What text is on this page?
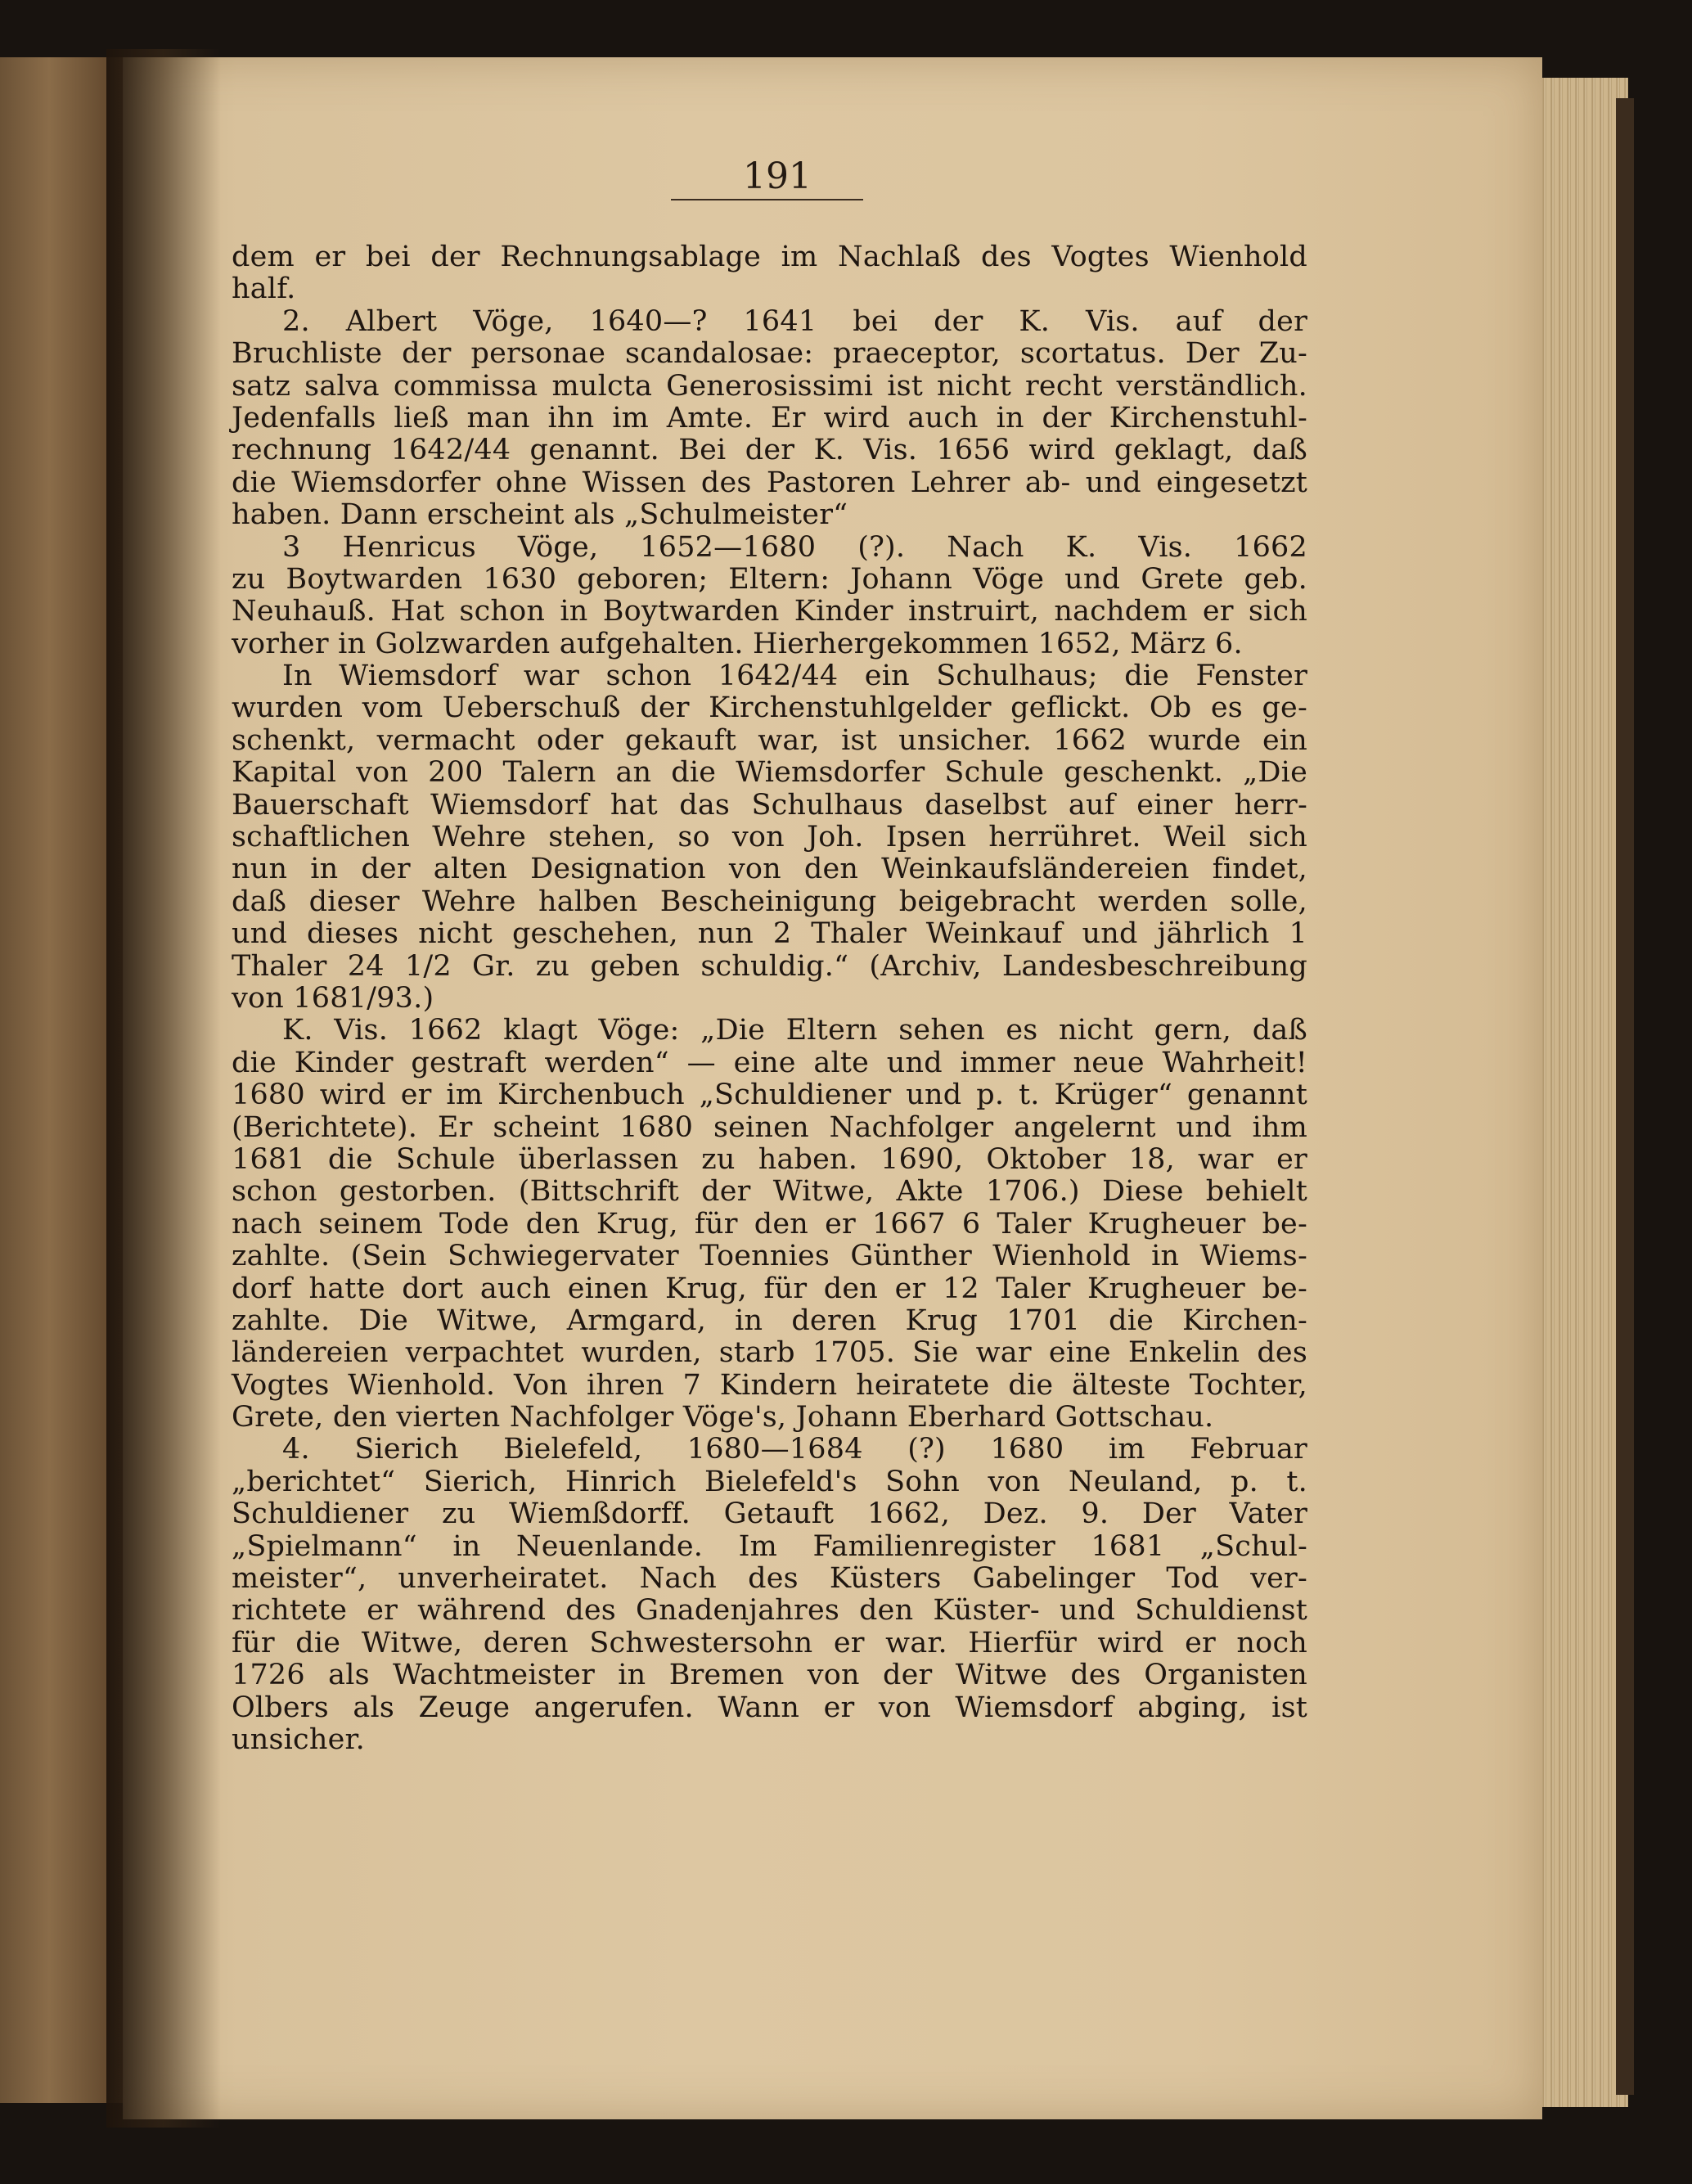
191
dem er bei der Rechnungsablage im Nachlaß des Vogtes Wienhold
half.
2. Albert Vöge, 1640—? 1641 bei der K. Vis. auf der
Bruchliste der personae scandalosae: praeceptor, scortatus. Der Zu-
satz salva commissa mulcta Generosissimi ist nicht recht verständlich.
Jedenfalls ließ man ihn im Amte. Er wird auch in der Kirchenstuhl-
rechnung 1642/44 genannt. Bei der K. Vis. 1656 wird geklagt, daß
die Wiemsdorfer ohne Wissen des Pastoren Lehrer ab- und eingesetzt
haben. Dann erscheint als „Schulmeister“
3 Henricus Vöge, 1652—1680 (?). Nach K. Vis. 1662
zu Boytwarden 1630 geboren; Eltern: Johann Vöge und Grete geb.
Neuhauß. Hat schon in Boytwarden Kinder instruirt, nachdem er sich
vorher in Golzwarden aufgehalten. Hierhergekommen 1652, März 6.
In Wiemsdorf war schon 1642/44 ein Schulhaus; die Fenster
wurden vom Ueberschuß der Kirchenstuhlgelder geflickt. Ob es ge-
schenkt, vermacht oder gekauft war, ist unsicher. 1662 wurde ein
Kapital von 200 Talern an die Wiemsdorfer Schule geschenkt. „Die
Bauerschaft Wiemsdorf hat das Schulhaus daselbst auf einer herr-
schaftlichen Wehre stehen, so von Joh. Ipsen herrühret. Weil sich
nun in der alten Designation von den Weinkaufsländereien findet,
daß dieser Wehre halben Bescheinigung beigebracht werden solle,
und dieses nicht geschehen, nun 2 Thaler Weinkauf und jährlich 1
Thaler 24 1/2 Gr. zu geben schuldig.“ (Archiv, Landesbeschreibung
von 1681/93.)
K. Vis. 1662 klagt Vöge: „Die Eltern sehen es nicht gern, daß
die Kinder gestraft werden“ — eine alte und immer neue Wahrheit!
1680 wird er im Kirchenbuch „Schuldiener und p. t. Krüger“ genannt
(Berichtete). Er scheint 1680 seinen Nachfolger angelernt und ihm
1681 die Schule überlassen zu haben. 1690, Oktober 18, war er
schon gestorben. (Bittschrift der Witwe, Akte 1706.) Diese behielt
nach seinem Tode den Krug, für den er 1667 6 Taler Krugheuer be-
zahlte. (Sein Schwiegervater Toennies Günther Wienhold in Wiems-
dorf hatte dort auch einen Krug, für den er 12 Taler Krugheuer be-
zahlte. Die Witwe, Armgard, in deren Krug 1701 die Kirchen-
ländereien verpachtet wurden, starb 1705. Sie war eine Enkelin des
Vogtes Wienhold. Von ihren 7 Kindern heiratete die älteste Tochter,
Grete, den vierten Nachfolger Vöge's, Johann Eberhard Gottschau.
4. Sierich Bielefeld, 1680—1684 (?) 1680 im Februar
„berichtet“ Sierich, Hinrich Bielefeld's Sohn von Neuland, p. t.
Schuldiener zu Wiemßdorff. Getauft 1662, Dez. 9. Der Vater
„Spielmann“ in Neuenlande. Im Familienregister 1681 „Schul-
meister“, unverheiratet. Nach des Küsters Gabelinger Tod ver-
richtete er während des Gnadenjahres den Küster- und Schuldienst
für die Witwe, deren Schwestersohn er war. Hierfür wird er noch
1726 als Wachtmeister in Bremen von der Witwe des Organisten
Olbers als Zeuge angerufen. Wann er von Wiemsdorf abging, ist
unsicher.
